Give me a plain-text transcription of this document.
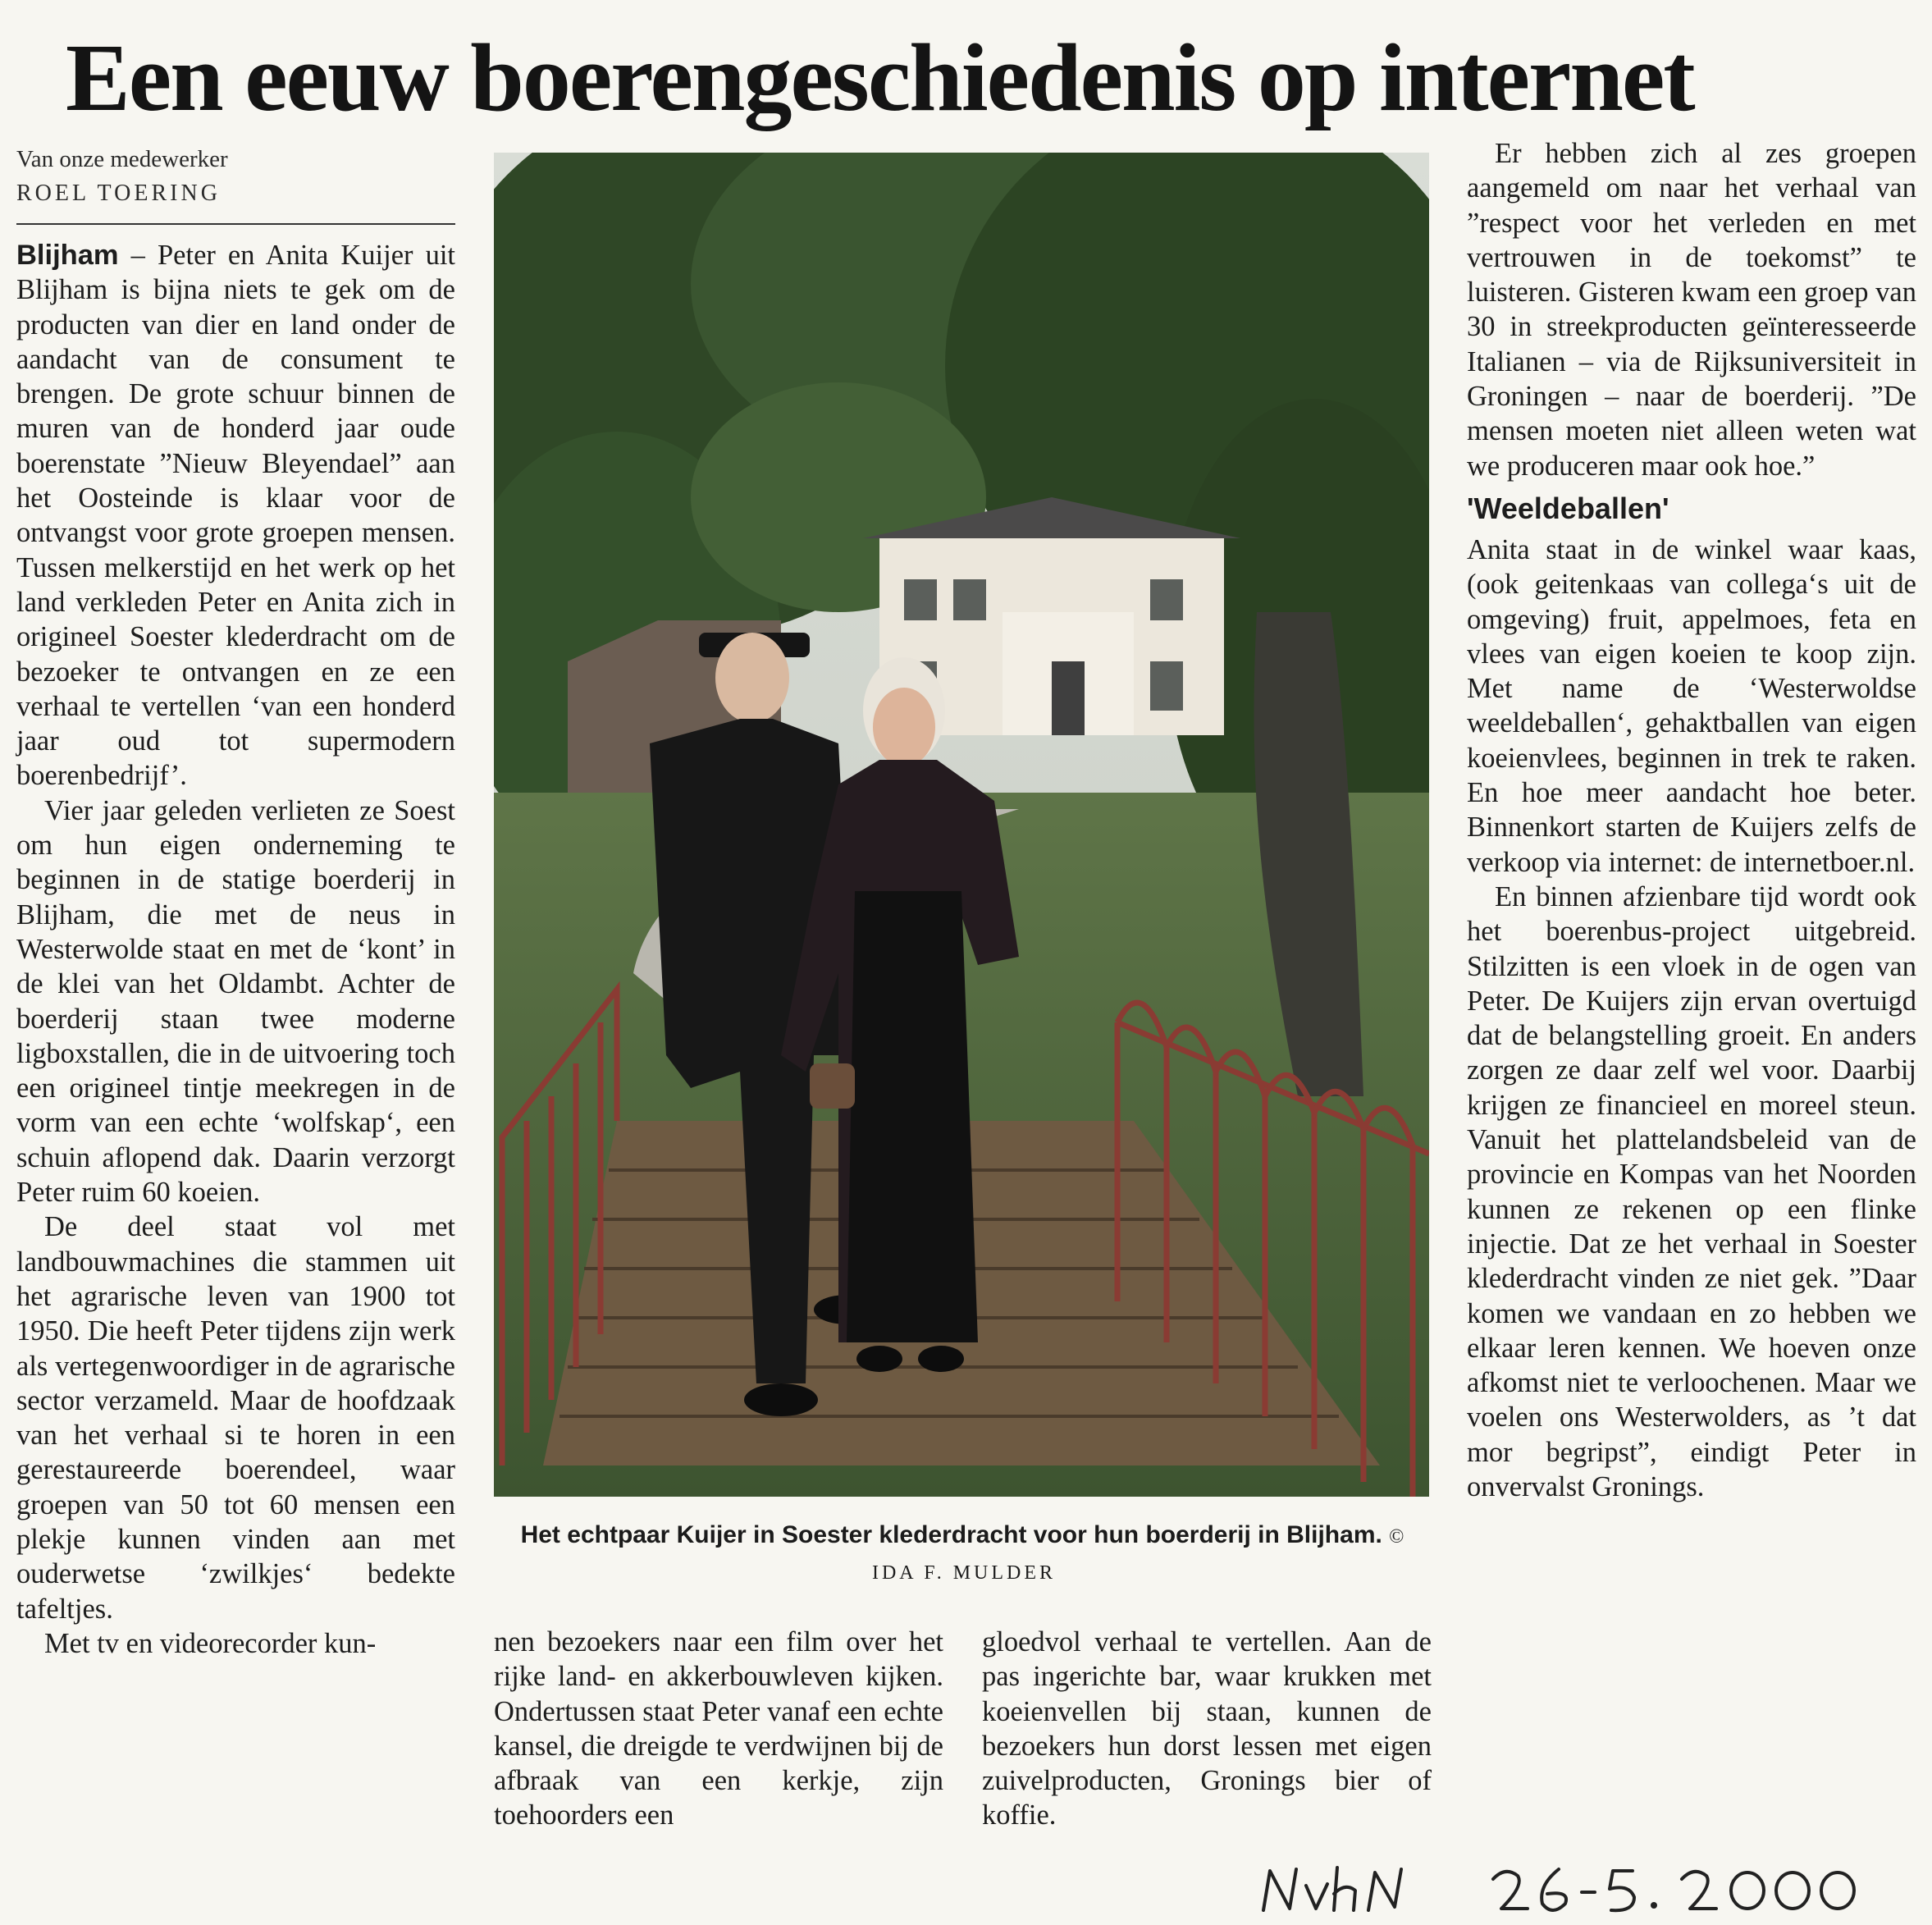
Een eeuw boerengeschiedenis op internet
Van onze medewerker
ROEL TOERING

Blijham – Peter en Anita Kuijer uit Blijham is bijna niets te gek om de producten van dier en land onder de aandacht van de consument te brengen. De grote schuur binnen de muren van de honderd jaar oude boerenstate ”Nieuw Bleyendael” aan het Oosteinde is klaar voor de ontvangst voor grote groepen mensen. Tussen melkerstijd en het werk op het land verkleden Peter en Anita zich in origineel Soester klederdracht om de bezoeker te ontvangen en ze een verhaal te vertellen ‘van een honderd jaar oud tot supermodern boerenbedrijf’.

Vier jaar geleden verlieten ze Soest om hun eigen onderneming te beginnen in de statige boerderij in Blijham, die met de neus in Westerwolde staat en met de ‘kont’ in de klei van het Oldambt. Achter de boerderij staan twee moderne ligboxstallen, die in de uitvoering toch een origineel tintje meekregen in de vorm van een echte ‘wolfskap‘, een schuin aflopend dak. Daarin verzorgt Peter ruim 60 koeien.

De deel staat vol met landbouwmachines die stammen uit het agrarische leven van 1900 tot 1950. Die heeft Peter tijdens zijn werk als vertegenwoordiger in de agrarische sector verzameld. Maar de hoofdzaak van het verhaal si te horen in een gerestaureerde boerendeel, waar groepen van 50 tot 60 mensen een plekje kunnen vinden aan met ouderwetse ‘zwilkjes‘ bedekte tafeltjes.

Met tv en videorecorder kun-

Het echtpaar Kuijer in Soester klederdracht voor hun boerderij in Blijham. © IDA F. MULDER

nen bezoekers naar een film over het rijke land- en akkerbouwleven kijken. Ondertussen staat Peter vanaf een echte kansel, die dreigde te verdwijnen bij de afbraak van een kerkje, zijn toehoorders een

gloedvol verhaal te vertellen. Aan de pas ingerichte bar, waar krukken met koeienvellen bij staan, kunnen de bezoekers hun dorst lessen met eigen zuivelproducten, Gronings bier of koffie.

Er hebben zich al zes groepen aangemeld om naar het verhaal van ”respect voor het verleden en met vertrouwen in de toekomst” te luisteren. Gisteren kwam een groep van 30 in streekproducten geïnteresseerde Italianen – via de Rijksuniversiteit in Groningen – naar de boerderij. ”De mensen moeten niet alleen weten wat we produceren maar ook hoe.”

'Weeldeballen'

Anita staat in de winkel waar kaas, (ook geitenkaas van collega‘s uit de omgeving) fruit, appelmoes, feta en vlees van eigen koeien te koop zijn. Met name de ‘Westerwoldse weeldeballen‘, gehaktballen van eigen koeienvlees, beginnen in trek te raken. En hoe meer aandacht hoe beter. Binnenkort starten de Kuijers zelfs de verkoop via internet: de internetboer.nl.

En binnen afzienbare tijd wordt ook het boerenbus-project uitgebreid. Stilzitten is een vloek in de ogen van Peter. De Kuijers zijn ervan overtuigd dat de belangstelling groeit. En anders zorgen ze daar zelf wel voor. Daarbij krijgen ze financieel en moreel steun. Vanuit het plattelandsbeleid van de provincie en Kompas van het Noorden kunnen ze rekenen op een flinke injectie. Dat ze het verhaal in Soester klederdracht vinden ze niet gek. ”Daar komen we vandaan en zo hebben we elkaar leren kennen. We hoeven onze afkomst niet te verloochenen. Maar we voelen ons Westerwolders, as ’t dat mor begripst”, eindigt Peter in onvervalst Gronings.
